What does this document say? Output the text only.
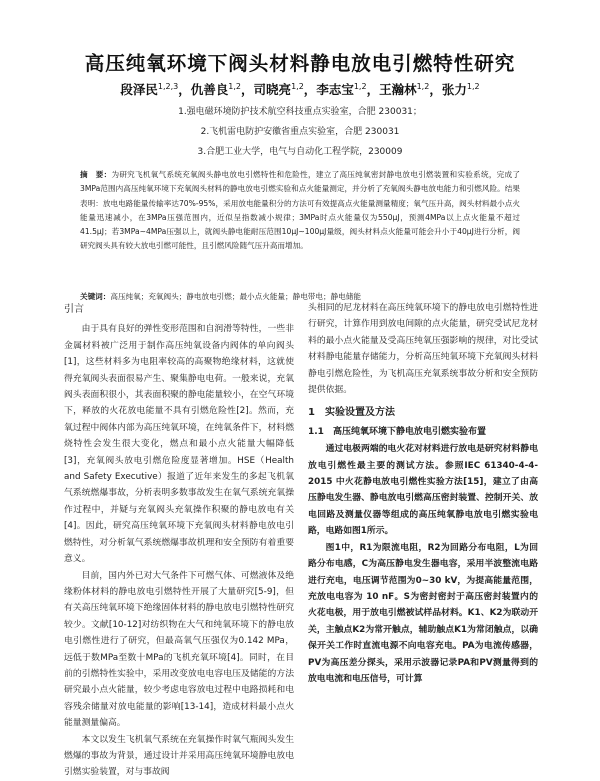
高压纯氧环境下阀头材料静电放电引燃特性研究
段泽民$^{1,2,3}$，仇善良$^{1,2}$，司晓亮$^{1,2}$，李志宝$^{1,2}$，王瀚林$^{1,2}$，张力$^{1,2}$
1.强电磁环境防护技术航空科技重点实验室，合肥 230031；
2.飞机雷电防护安徽省重点实验室，合肥 230031
3.合肥工业大学，电气与自动化工程学院，230009
摘　要：为研究飞机氧气系统充氧阀头静电放电引燃特性和危险性，建立了高压纯氧密封静电放电引燃装置和实验系统，完成了3MPa范围内高压纯氧环境下充氧阀头材料的静电放电引燃实验和点火能量测定，并分析了充氧阀头静电放电能力和引燃风险。结果表明：放电电路能量传输率达70%-95%，采用放电能量积分的方法可有效提高点火能量测量精度；氧气压升高，阀头材料最小点火能量迅速减小，在3MPa压强范围内，近似呈指数减小规律；3MPa时点火能量仅为550μJ，预测4MPa以上点火能量不超过41.5μJ；若3MPa~4MPa压强以上，就阀头静电能耐压范围10μJ~100μJ量级，阀头材料点火能量可能会升小于40μJ进行分析，阀研究阀头具有较大放电引燃可能性，且引燃风险随气压升高而增加。
关键词：高压纯氧；充氧阀头；静电放电引燃；最小点火能量；静电带电；静电储能
引言

由于具有良好的弹性变形范围和自润滑等特性，一些非金属材料被广泛用于制作高压纯氧设备内阀体的单向阀头[1]，这些材料多为电阻率较高的高聚物绝缘材料，这就使得充氧阀头表面很易产生、聚集静电电荷。一般来说，充氧阀头表面积很小，其表面积聚的静电能量较小，在空气环境下，释放的火花放电能量不具有引燃危险性[2]。然而，充氧过程中阀体内部为高压纯氧环境，在纯氧条件下，材料燃烧特性会发生很大变化，燃点和最小点火能量大幅降低[3]，充氧阀头放电引燃危险度显著增加。HSE（Health and Safety Executive）报道了近年来发生的多起飞机氧气系统燃爆事故，分析表明多数事故发生在氧气系统充氧操作过程中，并疑与充氧阀头充氧操作积聚的静电放电有关[4]。因此，研究高压纯氧环境下充氧阀头材料静电放电引燃特性，对分析氧气系统燃爆事故机理和安全预防有着重要意义。

目前，国内外已对大气条件下可燃气体、可燃液体及绝缘粉体材料的静电放电引燃特性开展了大量研究[5-9]，但有关高压纯氧环境下绝缘固体材料的静电放电引燃特性研究较少。文献[10-12]对纺织物在大气和纯氧环境下的静电放电引燃性进行了研究，但最高氧气压强仅为0.142 MPa，远低于数MPa至数十MPa的飞机充氧环境[4]。同时，在目前的引燃特性实验中，采用改变放电电容电压及储能的方法研究最小点火能量，较少考虑电容放电过程中电路损耗和电容残余储量对放电能量的影响[13-14]，造成材料最小点火能量测量偏高。

本文以发生飞机氧气系统在充氧操作时氧气瓶阀头发生燃爆的事故为背景，通过设计并采用高压纯氧环境静电放电引燃实验装置，对与事故阀

头相同的尼龙材料在高压纯氧环境下的静电放电引燃特性进行研究，计算作用到放电间隙的点火能量，研究受试尼龙材料的最小点火能量及受高压纯氧压强影响的规律，对比受试材料静电能量存储能力，分析高压纯氧环境下充氧阀头材料静电引燃危险性，为飞机高压充氧系统事故分析和安全预防提供依据。

1　实验设置及方法
1.1　高压纯氧环境下静电放电引燃实验布置

通过电极两端的电火花对材料进行放电是研究材料静电放电引燃性最主要的测试方法。参照IEC 61340-4-4-2015 中火花静电放电引燃性实验方法[15]，建立了由高压静电发生器、静电放电引燃高压密封装置、控制开关、放电回路及测量仪器等组成的高压纯氧静电放电引燃实验电路，电路如图1所示。

图1中，R1为限流电阻，R2为回路分布电阻，L为回路分布电感，C为高压静电发生器电容，采用半波整流电路进行充电，电压调节范围为0~30 kV，为提高能量范围，充放电电容为 10 nF。S为密封密封于高压密封装置内的火花电极，用于放电引燃被试样品材料。K1、K2为联动开关，主触点K2为常开触点，辅助触点K1为常闭触点，以确保开关工作时直流电源不向电容充电。PA为电流传感器，PV为高压差分探头，采用示波器记录PA和PV测量得到的放电电流和电压信号，可计算
